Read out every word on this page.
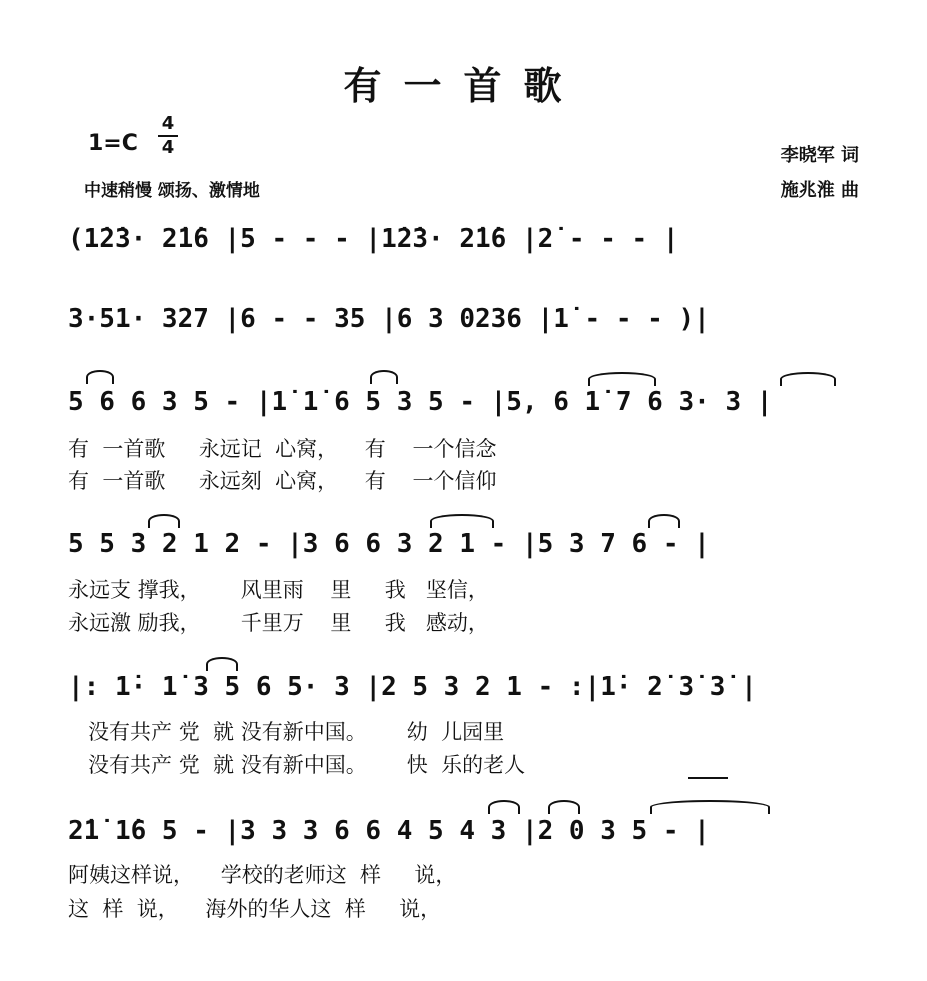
有一首歌
1=C
4
4
中速稍慢 颂扬、激情地
李晓军 词
施兆淮 曲
(1̇2̇3· 2̇1̇6 |5 - - - |1̇2̇3· 2̇1̇6 |2̇ - - - |
3·51· 327 |6 - - 35 |6 3 0236 |1̇ - - - )|
5 6 6 3 5 - |1̇ 1̇ 6 5 3 5 - |5, 6 1̇ 7 6 3· 3 |
有  一首歌     永远记  心窝，    有    一个信念
有  一首歌     永远刻  心窝，    有    一个信仰
5 5 3 2 1 2 - |3 6 6 3 2 1 - |5 3 7 6 - |
永远支 撑我，      风里雨    里     我   坚信，
永远激 励我，      千里万    里     我   感动，
|: 1̇· 1̇ 3 5 6 5· 3 |2 5 3 2 1 - :|1̇· 2̇ 3̇ 3̇ |
没有共产 党  就 没有新中国。      幼  儿园里
没有共产 党  就 没有新中国。      快  乐的老人
2̇1̇ 1̇6 5 - |3 3 3 6 6 4 5 4 3 |2 0 3 5 - |
阿姨这样说，    学校的老师这  样     说，
这  样  说，    海外的华人这  样     说，
